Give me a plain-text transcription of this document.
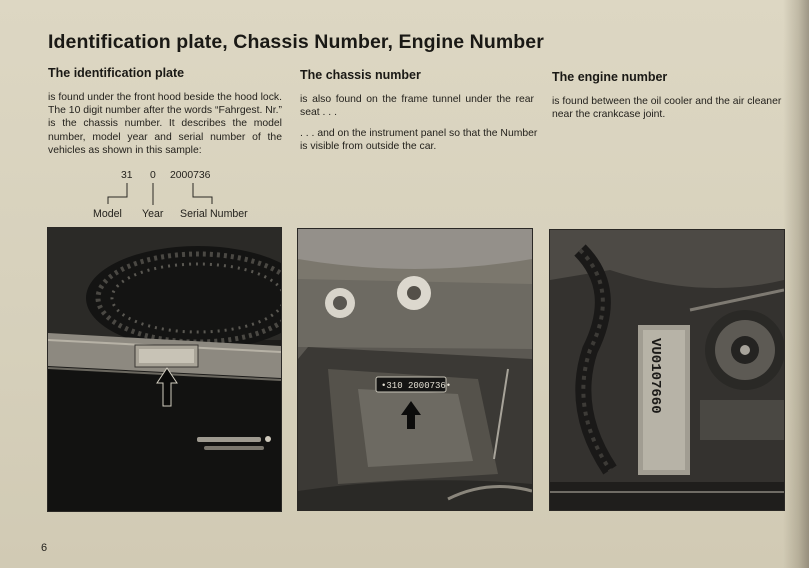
Identification plate, Chassis Number, Engine Number
The identification plate

is found under the front hood beside the hood lock. The 10 digit number after the words “Fahrgest. Nr.” is the chassis number. It describes the model number, model year and serial number of the vehicles as shown in this sample:

31 0 2000736
Model Year Serial Number
The chassis number

is also found on the frame tunnel under the rear seat . . .

. . . and on the instrument panel so that the Number is visible from outside the car.

The engine number

is found between the oil cooler and the air cleaner near the crankcase joint.

•310 2000736•	VU0107660
6
